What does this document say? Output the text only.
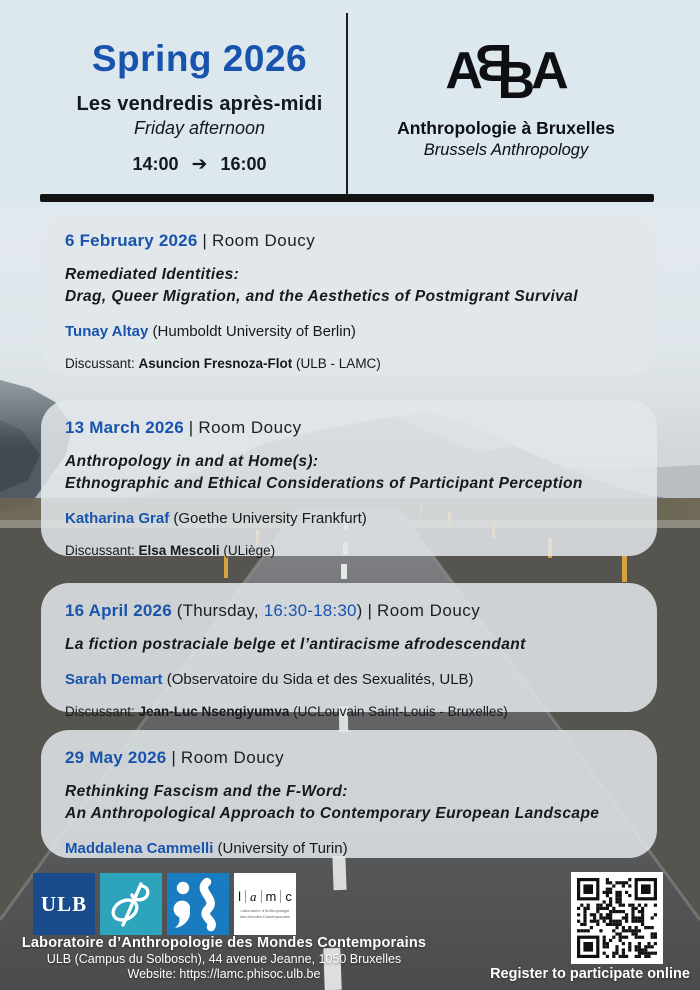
Spring 2026
Les vendredis après-midi
Friday afternoon
14:00 ➔ 16:00
A
B
B
A
Anthropologie à Bruxelles
Brussels Anthropology
6 February 2026 | Room Doucy
Remediated Identities:
Drag, Queer Migration, and the Aesthetics of Postmigrant Survival
Tunay Altay (Humboldt University of Berlin)
Discussant: Asuncion Fresnoza-Flot (ULB - LAMC)
13 March 2026 | Room Doucy
Anthropology in and at Home(s):
Ethnographic and Ethical Considerations of Participant Perception
Katharina Graf (Goethe University Frankfurt)
Discussant: Elsa Mescoli (ULiège)
16 April 2026 (Thursday, 16:30-18:30) | Room Doucy
La fiction postraciale belge et l’antiracisme afrodescendant
Sarah Demart (Observatoire du Sida et des Sexualités, ULB)
Discussant: Jean-Luc Nsengiyumva (UCLouvain Saint-Louis - Bruxelles)
29 May 2026 | Room Doucy
Rethinking Fascism and the F-Word:
An Anthropological Approach to Contemporary European Landscape
Maddalena Cammelli (University of Turin)
ULB	l a m c
Laboratoire d'Anthropologie des Mondes Contemporains
Laboratoire d’Anthropologie des Mondes Contemporains
ULB (Campus du Solbosch), 44 avenue Jeanne, 1050 Bruxelles
Website: https://lamc.phisoc.ulb.be	Register to participate online
